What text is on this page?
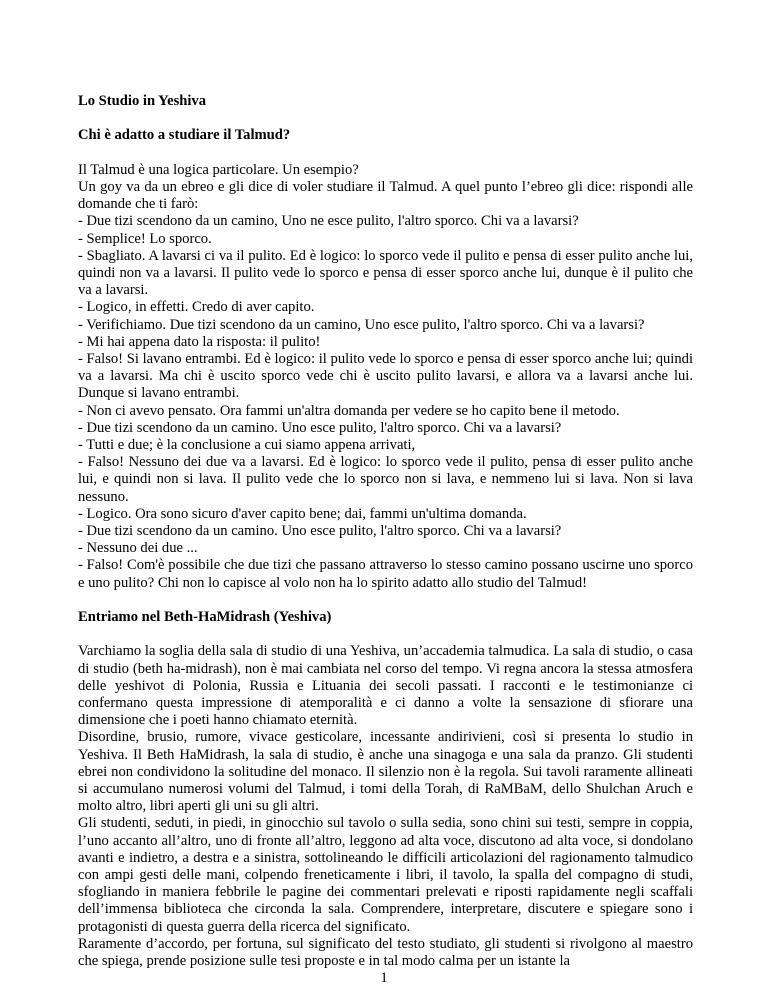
Lo Studio in Yeshiva
Chi è adatto a studiare il Talmud?

Il Talmud è una logica particolare. Un esempio?

Un goy va da un ebreo e gli dice di voler studiare il Talmud. A quel punto l’ebreo gli dice: rispondi alle domande che ti farò:

- Due tizi scendono da un camino, Uno ne esce pulito, l'altro sporco. Chi va a lavarsi?

- Semplice! Lo sporco.

- Sbagliato. A lavarsi ci va il pulito. Ed è logico: lo sporco vede il pulito e pensa di esser pulito anche lui, quindi non va a lavarsi. Il pulito vede lo sporco e pensa di esser sporco anche lui, dunque è il pulito che va a lavarsi.

- Logico, in effetti. Credo di aver capito.

- Verifichiamo. Due tizi scendono da un camino, Uno esce pulito, l'altro sporco. Chi va a lavarsi?

- Mi hai appena dato la risposta: il pulito!

- Falso! Si lavano entrambi. Ed è logico: il pulito vede lo sporco e pensa di esser sporco anche lui; quindi va a lavarsi. Ma chi è uscito sporco vede chi è uscito pulito lavarsi, e allora va a lavarsi anche lui. Dunque si lavano entrambi.

- Non ci avevo pensato. Ora fammi un'altra domanda per vedere se ho capito bene il metodo.

- Due tizi scendono da un camino. Uno esce pulito, l'altro sporco. Chi va a lavarsi?

- Tutti e due; è la conclusione a cui siamo appena arrivati,

- Falso! Nessuno dei due va a lavarsi. Ed è logico: lo sporco vede il pulito, pensa di esser pulito anche lui, e quindi non si lava. Il pulito vede che lo sporco non si lava, e nemmeno lui si lava. Non si lava nessuno.

- Logico. Ora sono sicuro d'aver capito bene; dai, fammi un'ultima domanda.

- Due tizi scendono da un camino. Uno esce pulito, l'altro sporco. Chi va a lavarsi?

- Nessuno dei due ...

- Falso! Com'è possibile che due tizi che passano attraverso lo stesso camino possano uscirne uno sporco e uno pulito? Chi non lo capisce al volo non ha lo spirito adatto allo studio del Talmud!

Entriamo nel Beth-HaMidrash (Yeshiva)

Varchiamo la soglia della sala di studio di una Yeshiva, un’accademia talmudica. La sala di studio, o casa di studio (beth ha-midrash), non è mai cambiata nel corso del tempo. Vi regna ancora la stessa atmosfera delle yeshivot di Polonia, Russia e Lituania dei secoli passati. I racconti e le testimonianze ci confermano questa impressione di atemporalità e ci danno a volte la sensazione di sfiorare una dimensione che i poeti hanno chiamato eternità.

Disordine, brusio, rumore, vivace gesticolare, incessante andirivieni, così si presenta lo studio in Yeshiva. Il Beth HaMidrash, la sala di studio, è anche una sinagoga e una sala da pranzo. Gli studenti ebrei non condividono la solitudine del monaco. Il silenzio non è la regola. Sui tavoli raramente allineati si accumulano numerosi volumi del Talmud, i tomi della Torah, di RaMBaM, dello Shulchan Aruch e molto altro, libri aperti gli uni su gli altri.

Gli studenti, seduti, in piedi, in ginocchio sul tavolo o sulla sedia, sono chini sui testi, sempre in coppia, l’uno accanto all’altro, uno di fronte all’altro, leggono ad alta voce, discutono ad alta voce, si dondolano avanti e indietro, a destra e a sinistra, sottolineando le difficili articolazioni del ragionamento talmudico con ampi gesti delle mani, colpendo freneticamente i libri, il tavolo, la spalla del compagno di studi, sfogliando in maniera febbrile le pagine dei commentari prelevati e riposti rapidamente negli scaffali dell’immensa biblioteca che circonda la sala. Comprendere, interpretare, discutere e spiegare sono i protagonisti di questa guerra della ricerca del significato.

Raramente d’accordo, per fortuna, sul significato del testo studiato, gli studenti si rivolgono al maestro che spiega, prende posizione sulle tesi proposte e in tal modo calma per un istante la

1
